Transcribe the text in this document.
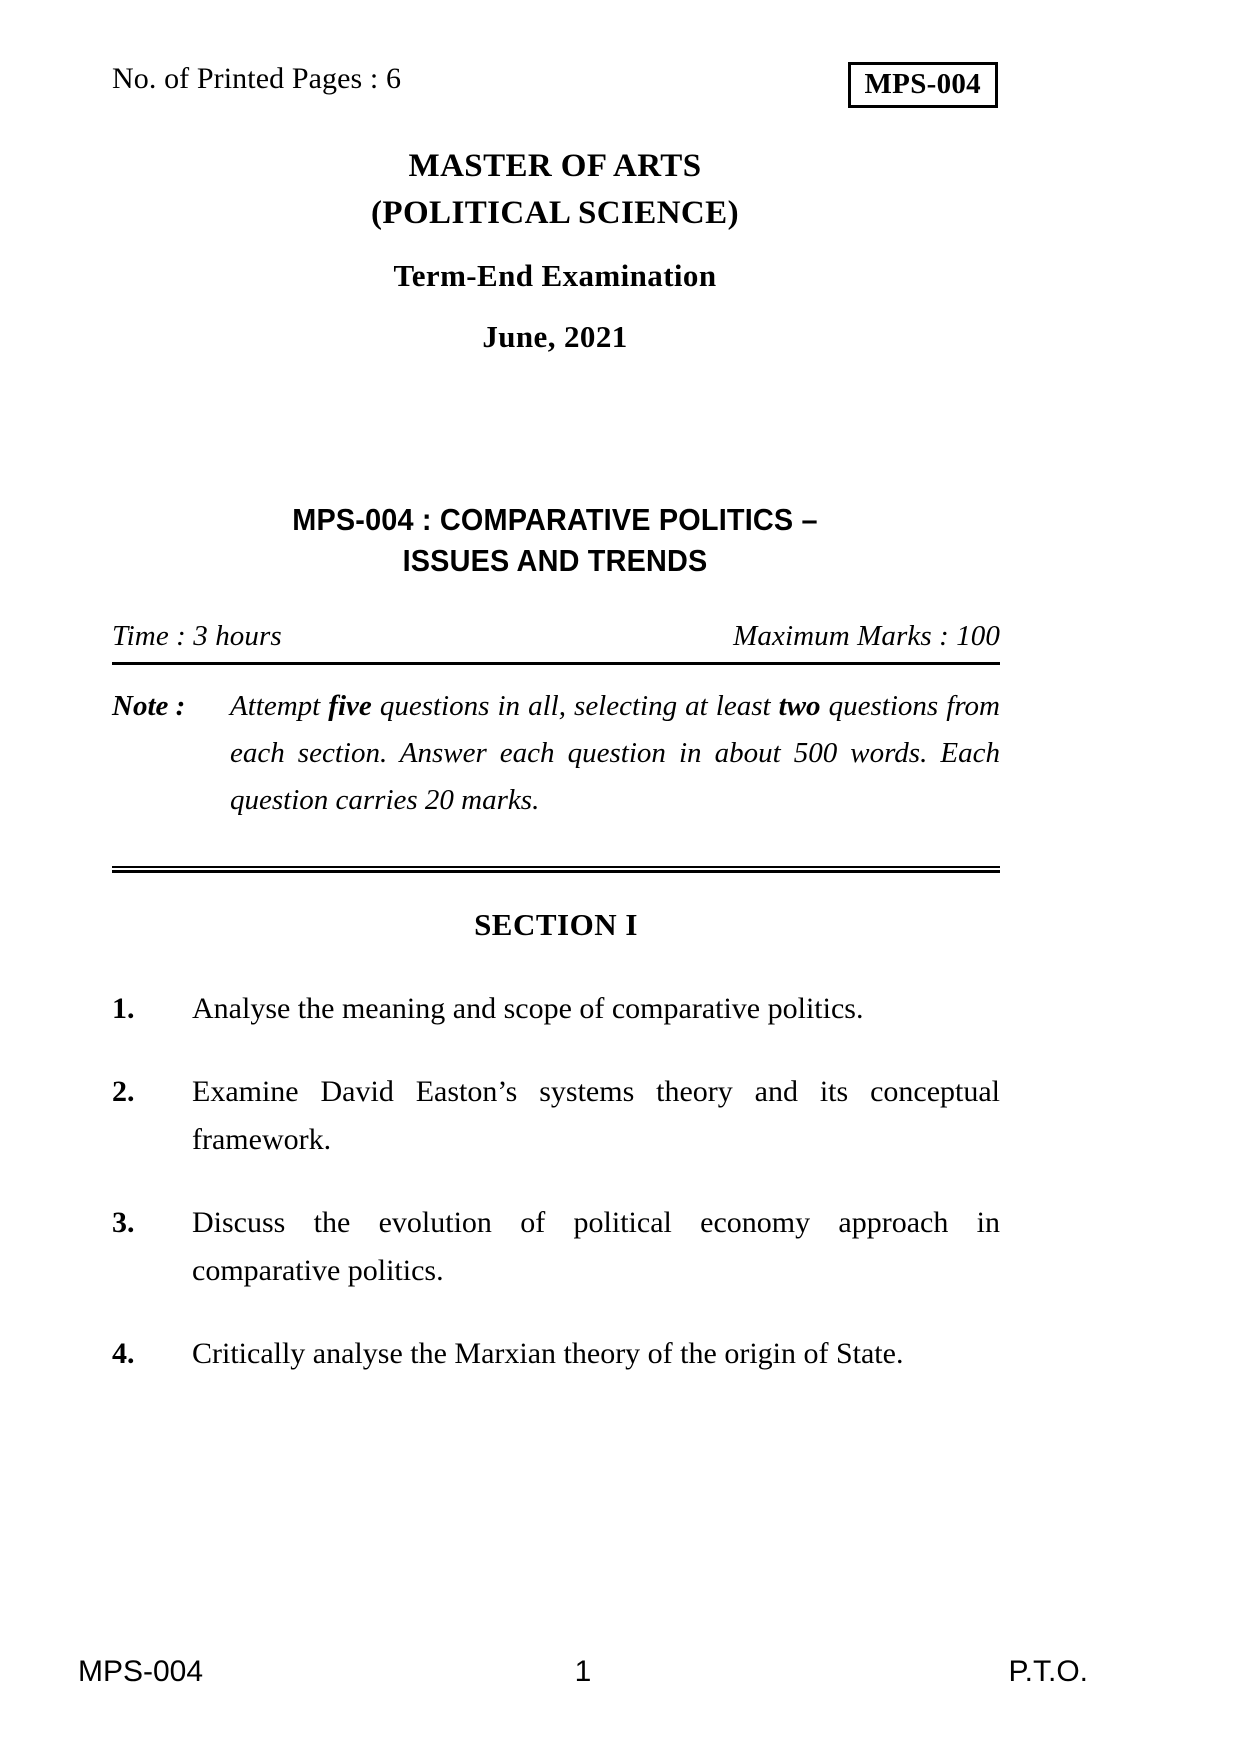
No. of Printed Pages : 6	MPS-004
MASTER OF ARTS
(POLITICAL SCIENCE)
Term-End Examination
June, 2021
MPS-004 : COMPARATIVE POLITICS –
ISSUES AND TRENDS
Time : 3 hours	Maximum Marks : 100
Note :	Attempt five questions in all, selecting at least two questions from each section. Answer each question in about 500 words. Each question carries 20 marks.
SECTION I
1.	Analyse the meaning and scope of comparative politics.
2.	Examine David Easton’s systems theory and its conceptual framework.
3.	Discuss the evolution of political economy approach in comparative politics.
4.	Critically analyse the Marxian theory of the origin of State.
MPS-004	1	P.T.O.
